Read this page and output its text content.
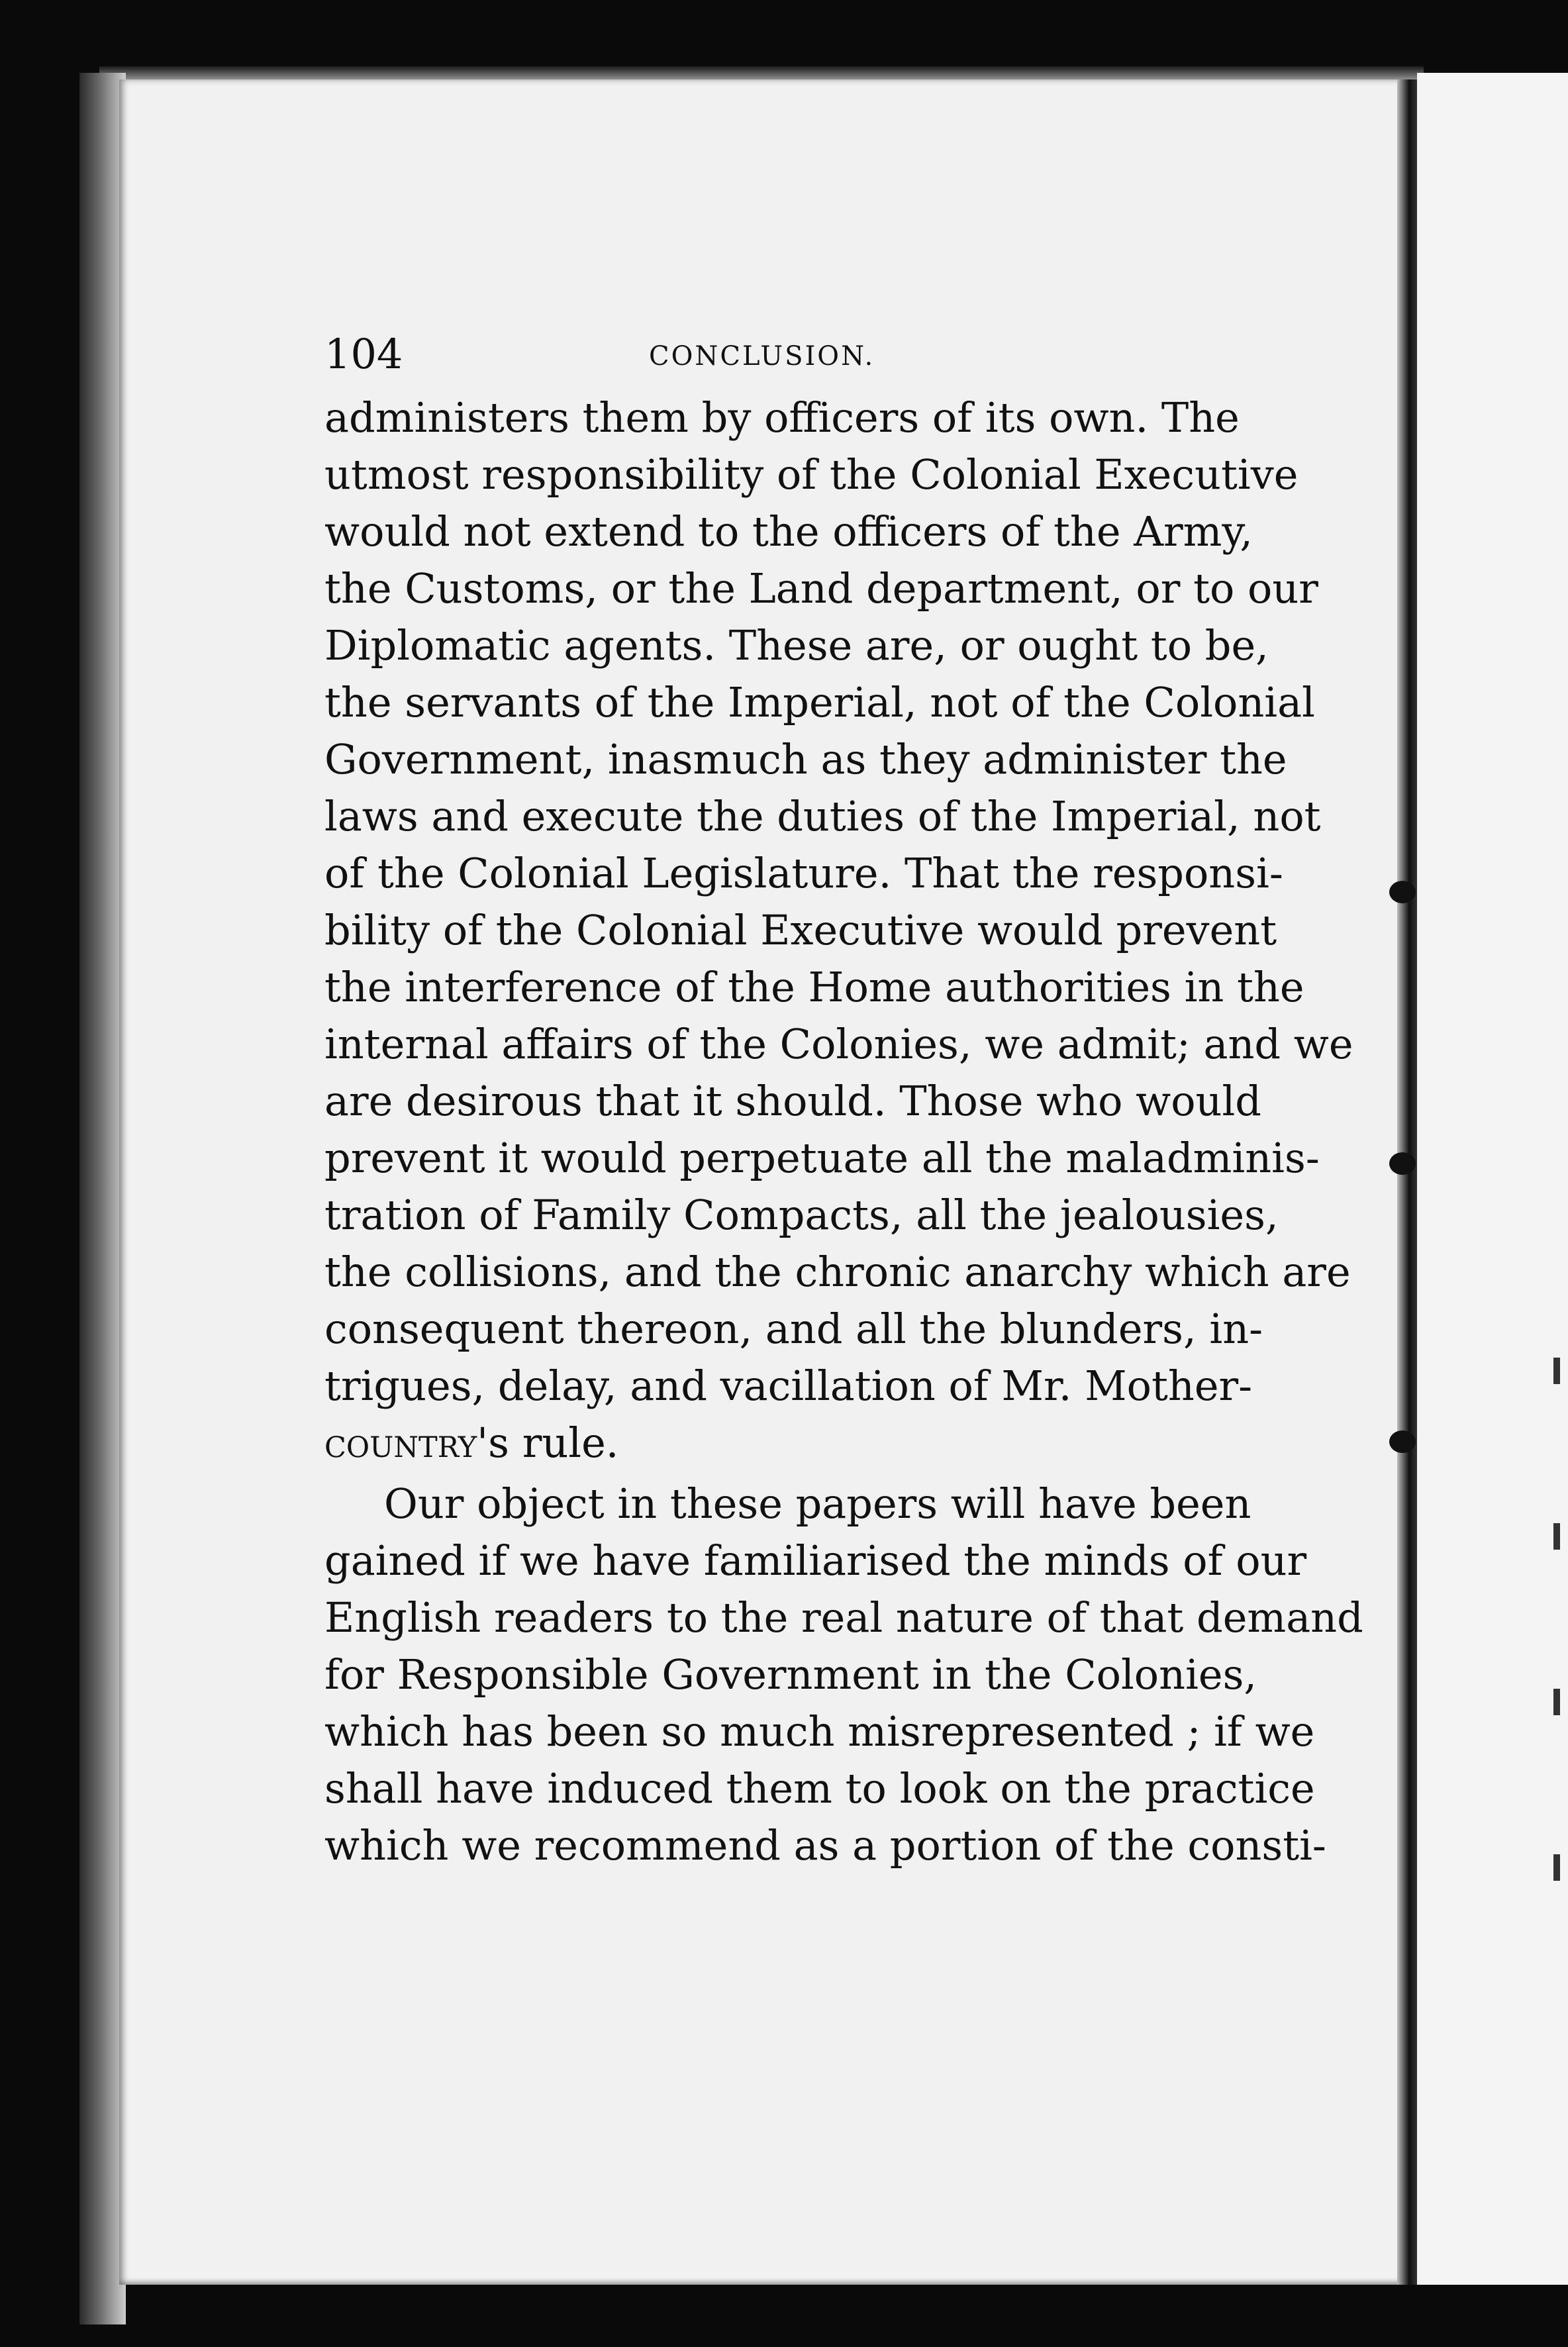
104	CONCLUSION.
administers them by officers of its own. The
utmost responsibility of the Colonial Executive
would not extend to the officers of the Army,
the Customs, or the Land department, or to our
Diplomatic agents. These are, or ought to be,
the servants of the Imperial, not of the Colonial
Government, inasmuch as they administer the
laws and execute the duties of the Imperial, not
of the Colonial Legislature. That the responsi-
bility of the Colonial Executive would prevent
the interference of the Home authorities in the
internal affairs of the Colonies, we admit; and we
are desirous that it should. Those who would
prevent it would perpetuate all the maladminis-
tration of Family Compacts, all the jealousies,
the collisions, and the chronic anarchy which are
consequent thereon, and all the blunders, in-
trigues, delay, and vacillation of Mr. Mother-
country's rule.
Our object in these papers will have been
gained if we have familiarised the minds of our
English readers to the real nature of that demand
for Responsible Government in the Colonies,
which has been so much misrepresented ; if we
shall have induced them to look on the practice
which we recommend as a portion of the consti-
